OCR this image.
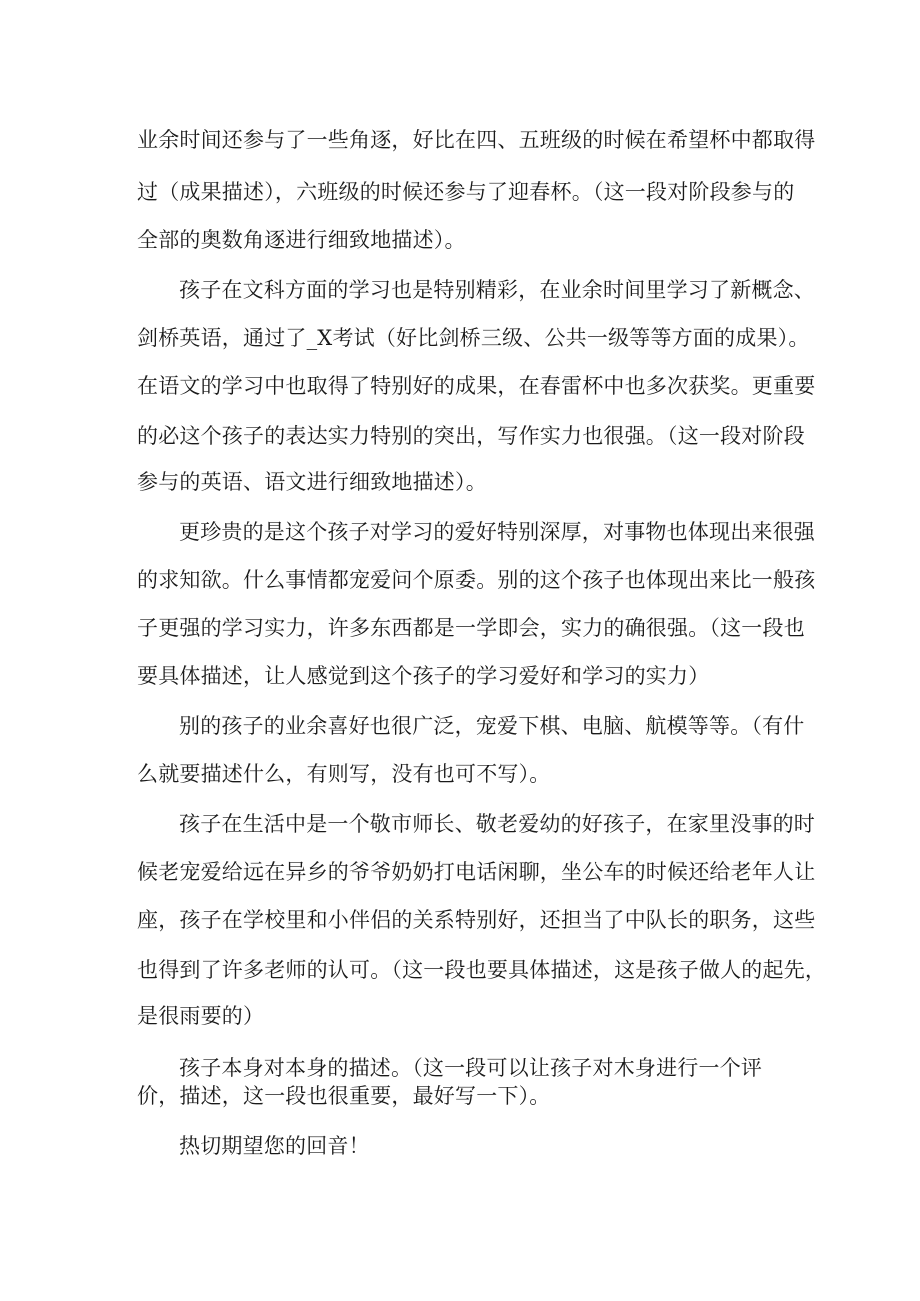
业余时间还参与了一些角逐，好比在四、五班级的时候在希望杯中都取得
过（成果描述），六班级的时候还参与了迎春杯。（这一段对阶段参与的
全部的奥数角逐进行细致地描述）。
孩子在文科方面的学习也是特别精彩，在业余时间里学习了新概念、
剑桥英语，通过了_X考试（好比剑桥三级、公共一级等等方面的成果）。
在语文的学习中也取得了特别好的成果，在春雷杯中也多次获奖。更重要
的必这个孩子的表达实力特别的突出，写作实力也很强。（这一段对阶段
参与的英语、语文进行细致地描述）。
更珍贵的是这个孩子对学习的爱好特别深厚，对事物也体现出来很强
的求知欲。什么事情都宠爱问个原委。别的这个孩子也体现出来比一般孩
子更强的学习实力，许多东西都是一学即会，实力的确很强。（这一段也
要具体描述，让人感觉到这个孩子的学习爱好和学习的实力）
别的孩子的业余喜好也很广泛，宠爱下棋、电脑、航模等等。（有什
么就要描述什么，有则写，没有也可不写）。
孩子在生活中是一个敬市师长、敬老爱幼的好孩子，在家里没事的时
候老宠爱给远在异乡的爷爷奶奶打电话闲聊，坐公车的时候还给老年人让
座，孩子在学校里和小伴侣的关系特别好，还担当了中队长的职务，这些
也得到了许多老师的认可。（这一段也要具体描述，这是孩子做人的起先，
是很雨要的）
孩子本身对本身的描述。（这一段可以让孩子对木身进行一个评
价，描述，这一段也很重要，最好写一下）。
热切期望您的回音！
